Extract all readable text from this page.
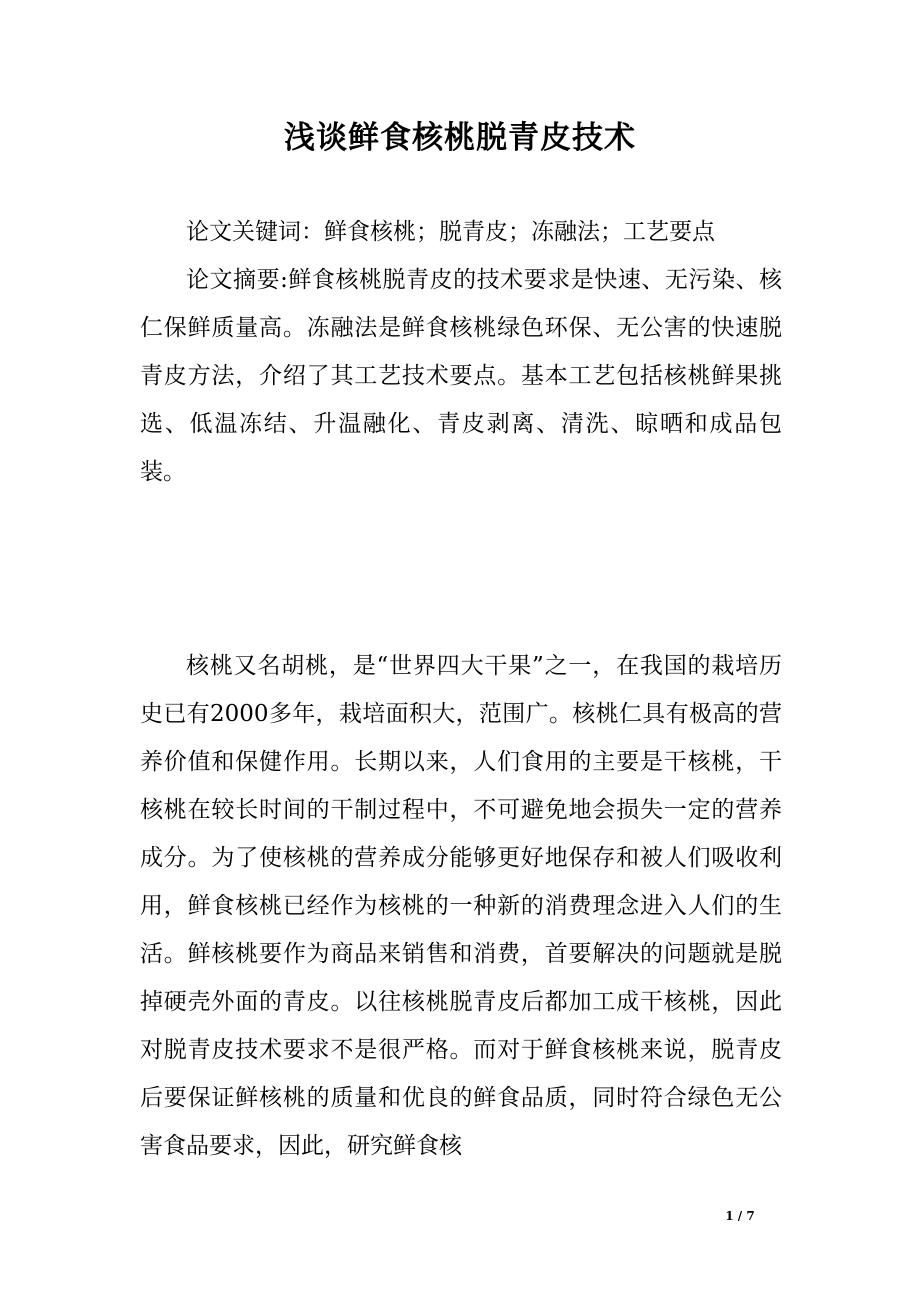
浅谈鲜食核桃脱青皮技术

论文关键词：鲜食核桃；脱青皮；冻融法；工艺要点

论文摘要:鲜食核桃脱青皮的技术要求是快速、无污染、核仁保鲜质量高。冻融法是鲜食核桃绿色环保、无公害的快速脱青皮方法，介绍了其工艺技术要点。基本工艺包括核桃鲜果挑选、低温冻结、升温融化、青皮剥离、清洗、晾晒和成品包装。

核桃又名胡桃，是“世界四大干果”之一，在我国的栽培历史已有2000多年，栽培面积大，范围广。核桃仁具有极高的营养价值和保健作用。长期以来，人们食用的主要是干核桃，干核桃在较长时间的干制过程中，不可避免地会损失一定的营养成分。为了使核桃的营养成分能够更好地保存和被人们吸收利用，鲜食核桃已经作为核桃的一种新的消费理念进入人们的生活。鲜核桃要作为商品来销售和消费，首要解决的问题就是脱掉硬壳外面的青皮。以往核桃脱青皮后都加工成干核桃，因此对脱青皮技术要求不是很严格。而对于鲜食核桃来说，脱青皮后要保证鲜核桃的质量和优良的鲜食品质，同时符合绿色无公害食品要求，因此，研究鲜食核

1 / 7
